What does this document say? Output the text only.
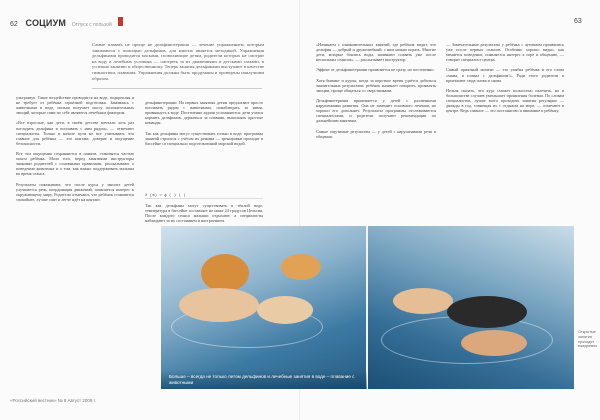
62 СОЦИУМ Отпуск с пользой	63
Самые плавать не проще не дельфинотерапия — лечение упражнением, которым занимаются с помощью дельфинов, для многих является методикой. Упражнения дельфинами проводятся масками, позволяющие детям, родители которых не смотрят на воду в лечебных условиях — смотреть за их движениями и детскими глазами, в успешно занятию и общественному. Теперь занятия дельфинами выступают в качестве гимнастики, плавания. Упражнения должны быть продуманы и проведены наилучшим образом.
ультразвук. Такое воздействие проводится на воде, подкрепляя и не требует от ребёнка серьёзной подготовки. Занимаясь с животными в воде, малыш получает массу положительных эмоций, которые сами по себе являются лечебным фактором.

«Все взрослые, как дети, в своём детстве мечтали хоть раз погладить дельфина и поплавать с ним рядом», — отмечают специалисты. Только в начале пути не все учитывают, что главное для ребёнка — это контакт, доверие и ощущение безопасности.

Все эти ощущения сохраняются в памяти, становятся частью опыта ребёнка. Мало того, перед занятиями инструкторы знакомят родителей с основными правилами, рассказывают о поведении животных и о том, как важно поддерживать малыша во время сеанса.

Результаты показывают, что после курса у многих детей улучшается речь, координация движений, появляется интерес к окружающему миру. Родители отмечают, что ребёнок становится спокойнее, лучше спит и легче идёт на контакт.

дельфинотерапии. На первых занятиях детям предлагают просто поплавать рядом с животными, понаблюдать за ними, привыкнуть к воде. Постепенно задачи усложняются: дети учатся кормить дельфинов, держаться за плавник, выполнять простые команды.

Так как дельфины могут существовать только в воде, программа занятий строится с учётом их режима — тренировки проходят в бассейне со специально подготовленной морской водой.

Х (ж) > ф ( ) ( )
Так как дельфины могут существовать в тёплой воде, температура в бассейне составляет не ниже 24 градусов Цельсия. После каждого сеанса малыши отдыхают, а специалисты наблюдают за их состоянием и настроением.
«Начинаем с ознакомительных занятий, где ребёнок видит, что дельфин — добрый и дружелюбный, с ним можно играть. Многие дети, которые боялись воды, начинают плавать уже после нескольких сеансов», — рассказывает инструктор.

Эффект от дельфинотерапии проявляется не сразу, но постепенно.

Хотя бывают и курсы, когда за короткое время удаётся добиться значительных результатов: ребёнок начинает говорить, проявлять эмоции, проще общаться со сверстниками.

Дельфинотерапия применяется у детей с различными нарушениями развития. Она не заменяет основного лечения, но хорошо его дополняет. Результаты программы отслеживаются специалистами, и родители получают рекомендации по дальнейшим занятиям.

Самые ощутимые результаты — у детей с нарушениями речи и общения.
— Замечательные результаты у ребёнка с аутизмом проявились уже после первых сеансов. Особенно хорошо видно, как меняется поведение, появляется интерес к игре и общению, — говорит специалист центра.

Самый приятный момент — это улыбка ребёнка и его слова «мама, я плавал с дельфином!». Ради этого родители и приезжают сюда снова и снова.

Нельзя сказать, что курс сможет полностью излечить, но в большинстве случаев уменьшает проявления болезни. По словам специалистов, лучше всего проходить занятия регулярно — дважды в год, совмещая их с отдыхом на море, — отмечают в центре. Ведь главное — это постоянство и внимание к ребёнку.
Больше – всегда не только летом дельфинов и лечебные занятия в воде – плавание с животными
Открытые занятия проходят ежедневно
«Российский вестник» № 8 Август 2009 г.
